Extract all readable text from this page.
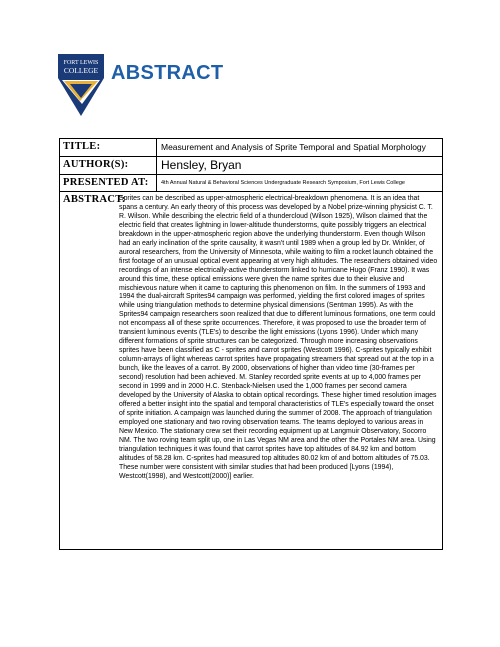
FORT LEWIS
COLLEGE ABSTRACT
TITLE:	Measurement and Analysis of Sprite Temporal and Spatial Morphology
AUTHOR(S):	Hensley, Bryan
PRESENTED AT:	4th Annual Natural & Behavioral Sciences Undergraduate Research Symposium, Fort Lewis College
ABSTRACT:
Sprites can be described as upper-atmospheric electrical-breakdown phenomena. It is an idea that spans a century. An early theory of this process was developed by a Nobel prize-winning physicist C. T. R. Wilson. While describing the electric field of a thundercloud (Wilson 1925), Wilson claimed that the electric field that creates lightning in lower-altitude thunderstorms, quite possibly triggers an electrical breakdown in the upper-atmospheric region above the underlying thunderstorm. Even though Wilson had an early inclination of the sprite causality, it wasn't until 1989 when a group led by Dr. Winkler, of auroral researchers, from the University of Minnesota, while waiting to film a rocket launch obtained the first footage of an unusual optical event appearing at very high altitudes. The researchers obtained video recordings of an intense electrically-active thunderstorm linked to hurricane Hugo (Franz 1990). It was around this time, these optical emissions were given the name sprites due to their elusive and mischievous nature when it came to capturing this phenomenon on film. In the summers of 1993 and 1994 the dual-aircraft Sprites94 campaign was performed, yielding the first colored images of sprites while using triangulation methods to determine physical dimensions (Sentman 1995). As with the Sprites94 campaign researchers soon realized that due to different luminous formations, one term could not encompass all of these sprite occurrences. Therefore, it was proposed to use the broader term of transient luminous events (TLE's) to describe the light emissions (Lyons 1996). Under which many different formations of sprite structures can be categorized. Through more increasing observations sprites have been classified as C - sprites and carrot sprites (Westcott 1996). C-sprites typically exhibit column-arrays of light whereas carrot sprites have propagating streamers that spread out at the top in a bunch, like the leaves of a carrot. By 2000, observations of higher than video time (30-frames per second) resolution had been achieved. M. Stanley recorded sprite events at up to 4,000 frames per second in 1999 and in 2000 H.C. Stenback-Nielsen used the 1,000 frames per second camera developed by the University of Alaska to obtain optical recordings. These higher timed resolution images offered a better insight into the spatial and temporal characteristics of TLE's especially toward the onset of sprite initiation. A campaign was launched during the summer of 2008. The approach of triangulation employed one stationary and two roving observation teams. The teams deployed to various areas in New Mexico. The stationary crew set their recording equipment up at Langmuir Observatory, Socorro NM. The two roving team split up, one in Las Vegas NM area and the other the Portales NM area. Using triangulation techniques it was found that carrot sprites have top altitudes of 84.92 km and bottom altitudes of 58.28 km. C-sprites had measured top altitudes 80.02 km of and bottom altitudes of 75.03. These number were consistent with similar studies that had been produced [Lyons (1994), Westcott(1998), and Westcott(2000)] earlier.
